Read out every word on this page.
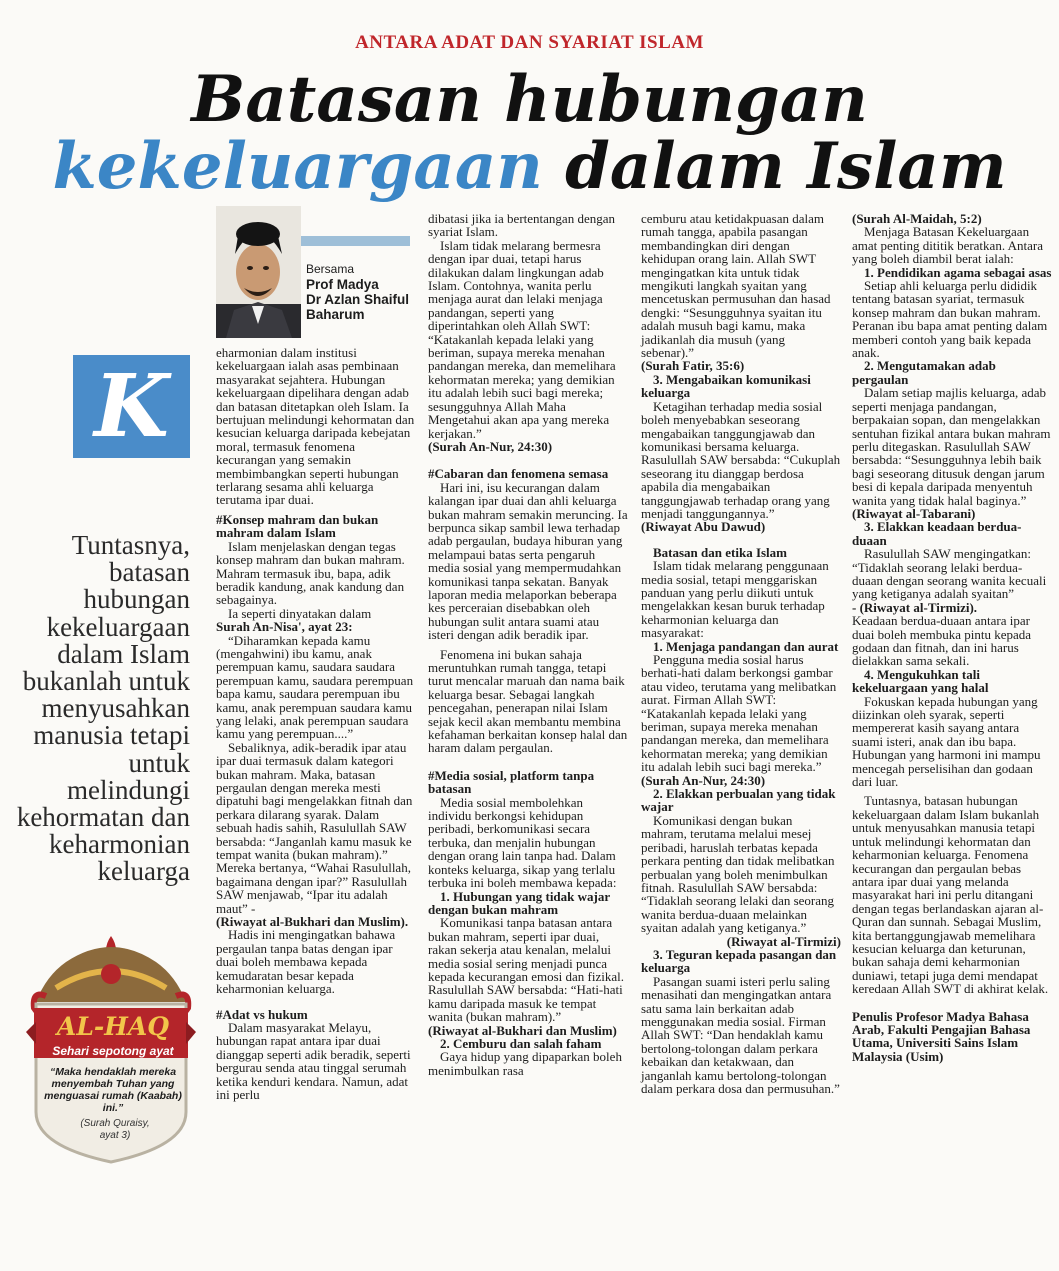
ANTARA ADAT DAN SYARIAT ISLAM
Batasan hubungan
kekeluargaan dalam Islam
Bersama
Prof Madya
Dr Azlan Shaiful
Baharum
K
Tuntasnya, batasan hubungan kekeluargaan dalam Islam bukanlah untuk menyusahkan manusia tetapi untuk melindungi kehormatan dan keharmonian keluarga

eharmonian dalam institusi kekeluargaan ialah asas pembinaan masyarakat sejahtera. Hubungan kekeluargaan dipelihara dengan adab dan batasan ditetapkan oleh Islam. Ia bertujuan melindungi kehormatan dan kesucian keluarga daripada kebejatan moral, termasuk fenomena kecurangan yang semakin membimbangkan seperti hubungan terlarang sesama ahli keluarga terutama ipar duai.

#Konsep mahram dan bukan mahram dalam Islam

Islam menjelaskan dengan tegas konsep mahram dan bukan mahram. Mahram termasuk ibu, bapa, adik beradik kandung, anak kandung dan sebagainya.

Ia seperti dinyatakan dalam

Surah An-Nisa', ayat 23:

“Diharamkan kepada kamu (mengahwini) ibu kamu, anak perempuan kamu, saudara saudara perempuan kamu, saudara perempuan bapa kamu, saudara perempuan ibu kamu, anak perempuan saudara kamu yang lelaki, anak perempuan saudara kamu yang perempuan....”

Sebaliknya, adik-beradik ipar atau ipar duai termasuk dalam kategori bukan mahram. Maka, batasan pergaulan dengan mereka mesti dipatuhi bagi mengelakkan fitnah dan perkara dilarang syarak. Dalam sebuah hadis sahih, Rasulullah SAW bersabda: “Janganlah kamu masuk ke tempat wanita (bukan mahram).” Mereka bertanya, “Wahai Rasulullah, bagaimana dengan ipar?” Rasulullah SAW menjawab, “Ipar itu adalah maut” -

(Riwayat al-Bukhari dan Muslim).

Hadis ini mengingatkan bahawa pergaulan tanpa batas dengan ipar duai boleh membawa kepada kemudaratan besar kepada keharmonian keluarga.

#Adat vs hukum

Dalam masyarakat Melayu, hubungan rapat antara ipar duai dianggap seperti adik beradik, seperti bergurau senda atau tinggal serumah ketika kenduri kendara. Namun, adat ini perlu

dibatasi jika ia bertentangan dengan syariat Islam.

Islam tidak melarang bermesra dengan ipar duai, tetapi harus dilakukan dalam lingkungan adab Islam. Contohnya, wanita perlu menjaga aurat dan lelaki menjaga pandangan, seperti yang diperintahkan oleh Allah SWT: “Katakanlah kepada lelaki yang beriman, supaya mereka menahan pandangan mereka, dan memelihara kehormatan mereka; yang demikian itu adalah lebih suci bagi mereka; sesungguhnya Allah Maha Mengetahui akan apa yang mereka kerjakan.”

(Surah An-Nur, 24:30)

#Cabaran dan fenomena semasa

Hari ini, isu kecurangan dalam kalangan ipar duai dan ahli keluarga bukan mahram semakin meruncing. Ia berpunca sikap sambil lewa terhadap adab pergaulan, budaya hiburan yang melampaui batas serta pengaruh media sosial yang mempermudahkan komunikasi tanpa sekatan. Banyak laporan media melaporkan beberapa kes perceraian disebabkan oleh hubungan sulit antara suami atau isteri dengan adik beradik ipar.

Fenomena ini bukan sahaja meruntuhkan rumah tangga, tetapi turut mencalar maruah dan nama baik keluarga besar. Sebagai langkah pencegahan, penerapan nilai Islam sejak kecil akan membantu membina kefahaman berkaitan konsep halal dan haram dalam pergaulan.

#Media sosial, platform tanpa batasan

Media sosial membolehkan individu berkongsi kehidupan peribadi, berkomunikasi secara terbuka, dan menjalin hubungan dengan orang lain tanpa had. Dalam konteks keluarga, sikap yang terlalu terbuka ini boleh membawa kepada:

1. Hubungan yang tidak wajar dengan bukan mahram

Komunikasi tanpa batasan antara bukan mahram, seperti ipar duai, rakan sekerja atau kenalan, melalui media sosial sering menjadi punca kepada kecurangan emosi dan fizikal. Rasulullah SAW bersabda: “Hati-hati kamu daripada masuk ke tempat wanita (bukan mahram).”

(Riwayat al-Bukhari dan Muslim)

2. Cemburu dan salah faham

Gaya hidup yang dipaparkan boleh menimbulkan rasa

cemburu atau ketidakpuasan dalam rumah tangga, apabila pasangan membandingkan diri dengan kehidupan orang lain. Allah SWT mengingatkan kita untuk tidak mengikuti langkah syaitan yang mencetuskan permusuhan dan hasad dengki: “Sesungguhnya syaitan itu adalah musuh bagi kamu, maka jadikanlah dia musuh (yang sebenar).”

(Surah Fatir, 35:6)

3. Mengabaikan komunikasi keluarga

Ketagihan terhadap media sosial boleh menyebabkan seseorang mengabaikan tanggungjawab dan komunikasi bersama keluarga. Rasulullah SAW bersabda: “Cukuplah seseorang itu dianggap berdosa apabila dia mengabaikan tanggungjawab terhadap orang yang menjadi tanggungannya.”

(Riwayat Abu Dawud)

Batasan dan etika Islam

Islam tidak melarang penggunaan media sosial, tetapi menggariskan panduan yang perlu diikuti untuk mengelakkan kesan buruk terhadap keharmonian keluarga dan masyarakat:

1. Menjaga pandangan dan aurat

Pengguna media sosial harus berhati-hati dalam berkongsi gambar atau video, terutama yang melibatkan aurat. Firman Allah SWT: “Katakanlah kepada lelaki yang beriman, supaya mereka menahan pandangan mereka, dan memelihara kehormatan mereka; yang demikian itu adalah lebih suci bagi mereka.”

(Surah An-Nur, 24:30)

2. Elakkan perbualan yang tidak wajar

Komunikasi dengan bukan mahram, terutama melalui mesej peribadi, haruslah terbatas kepada perkara penting dan tidak melibatkan perbualan yang boleh menimbulkan fitnah. Rasulullah SAW bersabda: “Tidaklah seorang lelaki dan seorang wanita berdua-duaan melainkan syaitan adalah yang ketiganya.”

(Riwayat al-Tirmizi)

3. Teguran kepada pasangan dan keluarga

Pasangan suami isteri perlu saling menasihati dan mengingatkan antara satu sama lain berkaitan adab menggunakan media sosial. Firman Allah SWT: “Dan hendaklah kamu bertolong-tolongan dalam perkara kebaikan dan ketakwaan, dan janganlah kamu bertolong-tolongan dalam perkara dosa dan permusuhan.”

(Surah Al-Maidah, 5:2)

Menjaga Batasan Kekeluargaan amat penting dititik beratkan. Antara yang boleh diambil berat ialah:

1. Pendidikan agama sebagai asas

Setiap ahli keluarga perlu dididik tentang batasan syariat, termasuk konsep mahram dan bukan mahram. Peranan ibu bapa amat penting dalam memberi contoh yang baik kepada anak.

2. Mengutamakan adab pergaulan

Dalam setiap majlis keluarga, adab seperti menjaga pandangan, berpakaian sopan, dan mengelakkan sentuhan fizikal antara bukan mahram perlu ditegaskan. Rasulullah SAW bersabda: “Sesungguhnya lebih baik bagi seseorang ditusuk dengan jarum besi di kepala daripada menyentuh wanita yang tidak halal baginya.”

(Riwayat al-Tabarani)

3. Elakkan keadaan berdua-duaan

Rasulullah SAW mengingatkan: “Tidaklah seorang lelaki berdua-duaan dengan seorang wanita kecuali yang ketiganya adalah syaitan”

- (Riwayat al-Tirmizi).

Keadaan berdua-duaan antara ipar duai boleh membuka pintu kepada godaan dan fitnah, dan ini harus dielakkan sama sekali.

4. Mengukuhkan tali kekeluargaan yang halal

Fokuskan kepada hubungan yang diizinkan oleh syarak, seperti mempererat kasih sayang antara suami isteri, anak dan ibu bapa. Hubungan yang harmoni ini mampu mencegah perselisihan dan godaan dari luar.

Tuntasnya, batasan hubungan kekeluargaan dalam Islam bukanlah untuk menyusahkan manusia tetapi untuk melindungi kehormatan dan keharmonian keluarga. Fenomena kecurangan dan pergaulan bebas antara ipar duai yang melanda masyarakat hari ini perlu ditangani dengan tegas berlandaskan ajaran al-Quran dan sunnah. Sebagai Muslim, kita bertanggungjawab memelihara kesucian keluarga dan keturunan, bukan sahaja demi keharmonian duniawi, tetapi juga demi mendapat keredaan Allah SWT di akhirat kelak.

Penulis Profesor Madya Bahasa Arab, Fakulti Pengajian Bahasa Utama, Universiti Sains Islam Malaysia (Usim)

AL-HAQ
Sehari sepotong ayat
“Maka hendaklah mereka menyembah Tuhan yang menguasai rumah (Kaabah) ini.”
(Surah Quraisy, ayat 3)
